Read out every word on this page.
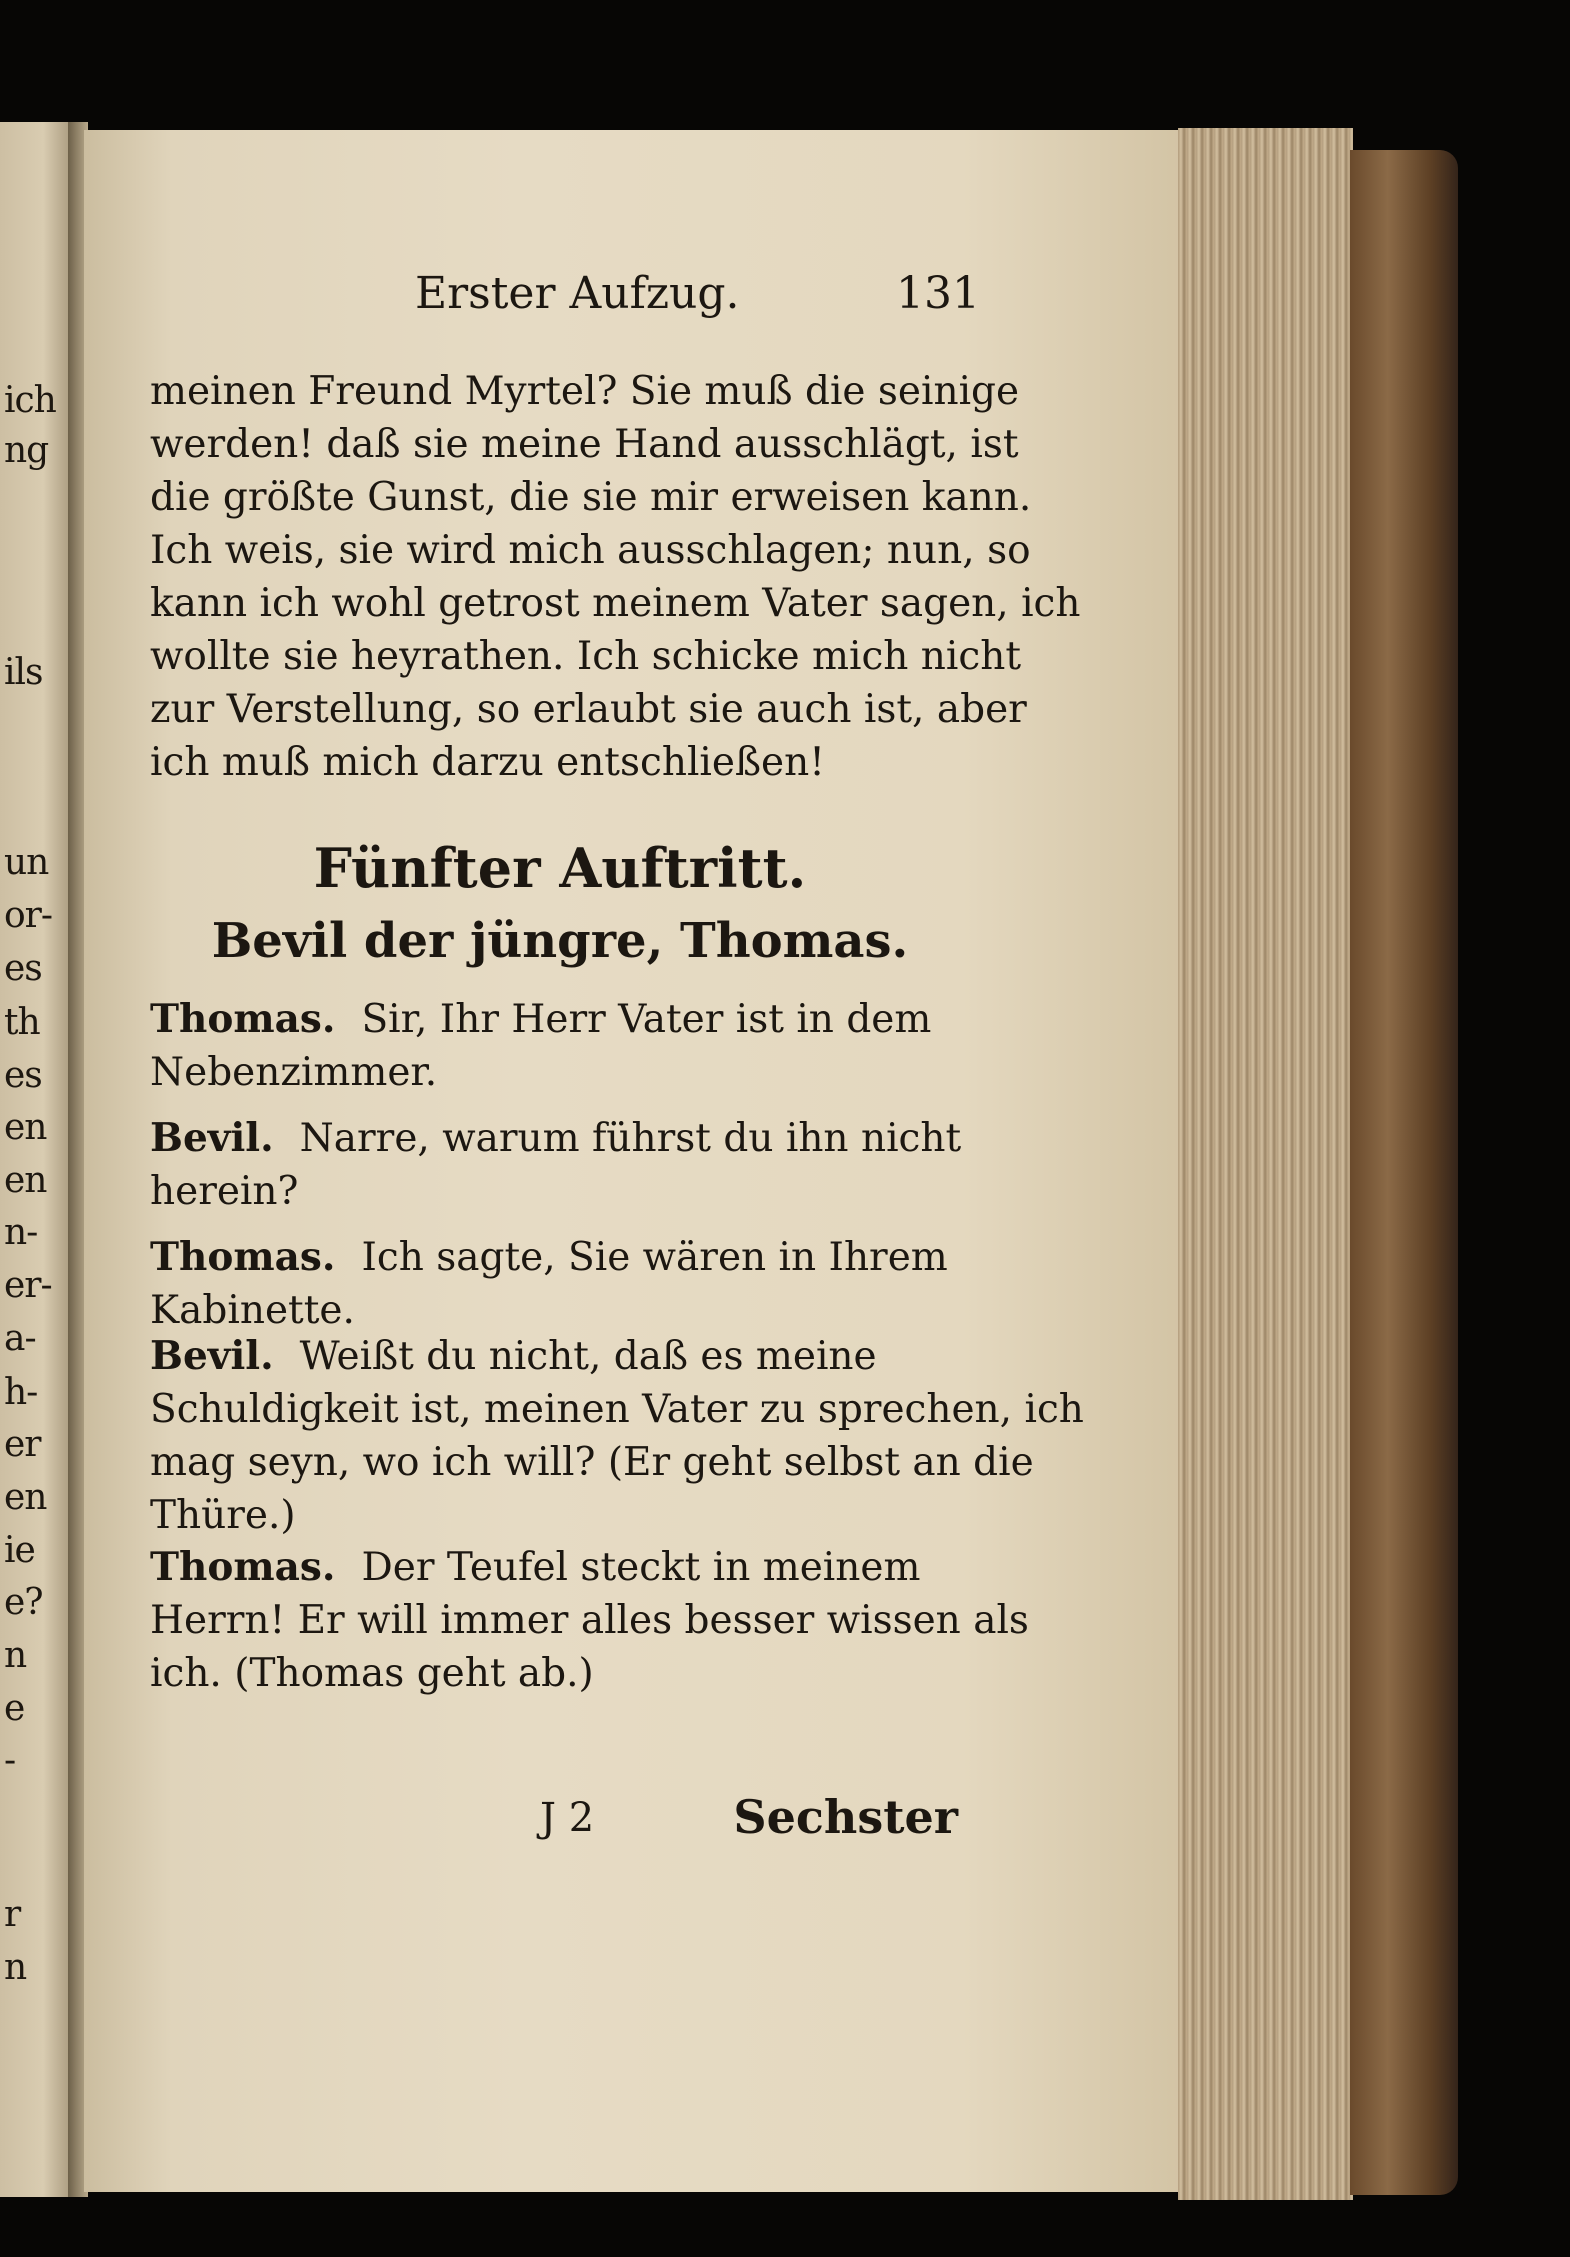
ich
ng
ils
un
or-
es
th
es
en
en
n-
er-
a-
h-
er
en
ie
e?
n
e
-
r
n
Erster Aufzug.	131
meinen Freund Myrtel? Sie muß die seinige
werden! daß sie meine Hand ausschlägt, ist
die größte Gunst, die sie mir erweisen kann.
Ich weis, sie wird mich ausschlagen; nun, so
kann ich wohl getrost meinem Vater sagen, ich
wollte sie heyrathen. Ich schicke mich nicht
zur Verstellung, so erlaubt sie auch ist, aber
ich muß mich darzu entschließen!
Fünfter Auftritt.
Bevil der jüngre, Thomas.
Thomas. Sir, Ihr Herr Vater ist in dem
Nebenzimmer.
Bevil. Narre, warum führst du ihn nicht
herein?
Thomas. Ich sagte, Sie wären in Ihrem
Kabinette.
Bevil. Weißt du nicht, daß es meine
Schuldigkeit ist, meinen Vater zu sprechen, ich
mag seyn, wo ich will? (Er geht selbst an die
Thüre.)
Thomas. Der Teufel steckt in meinem
Herrn! Er will immer alles besser wissen als
ich. (Thomas geht ab.)
J 2	Sechster
